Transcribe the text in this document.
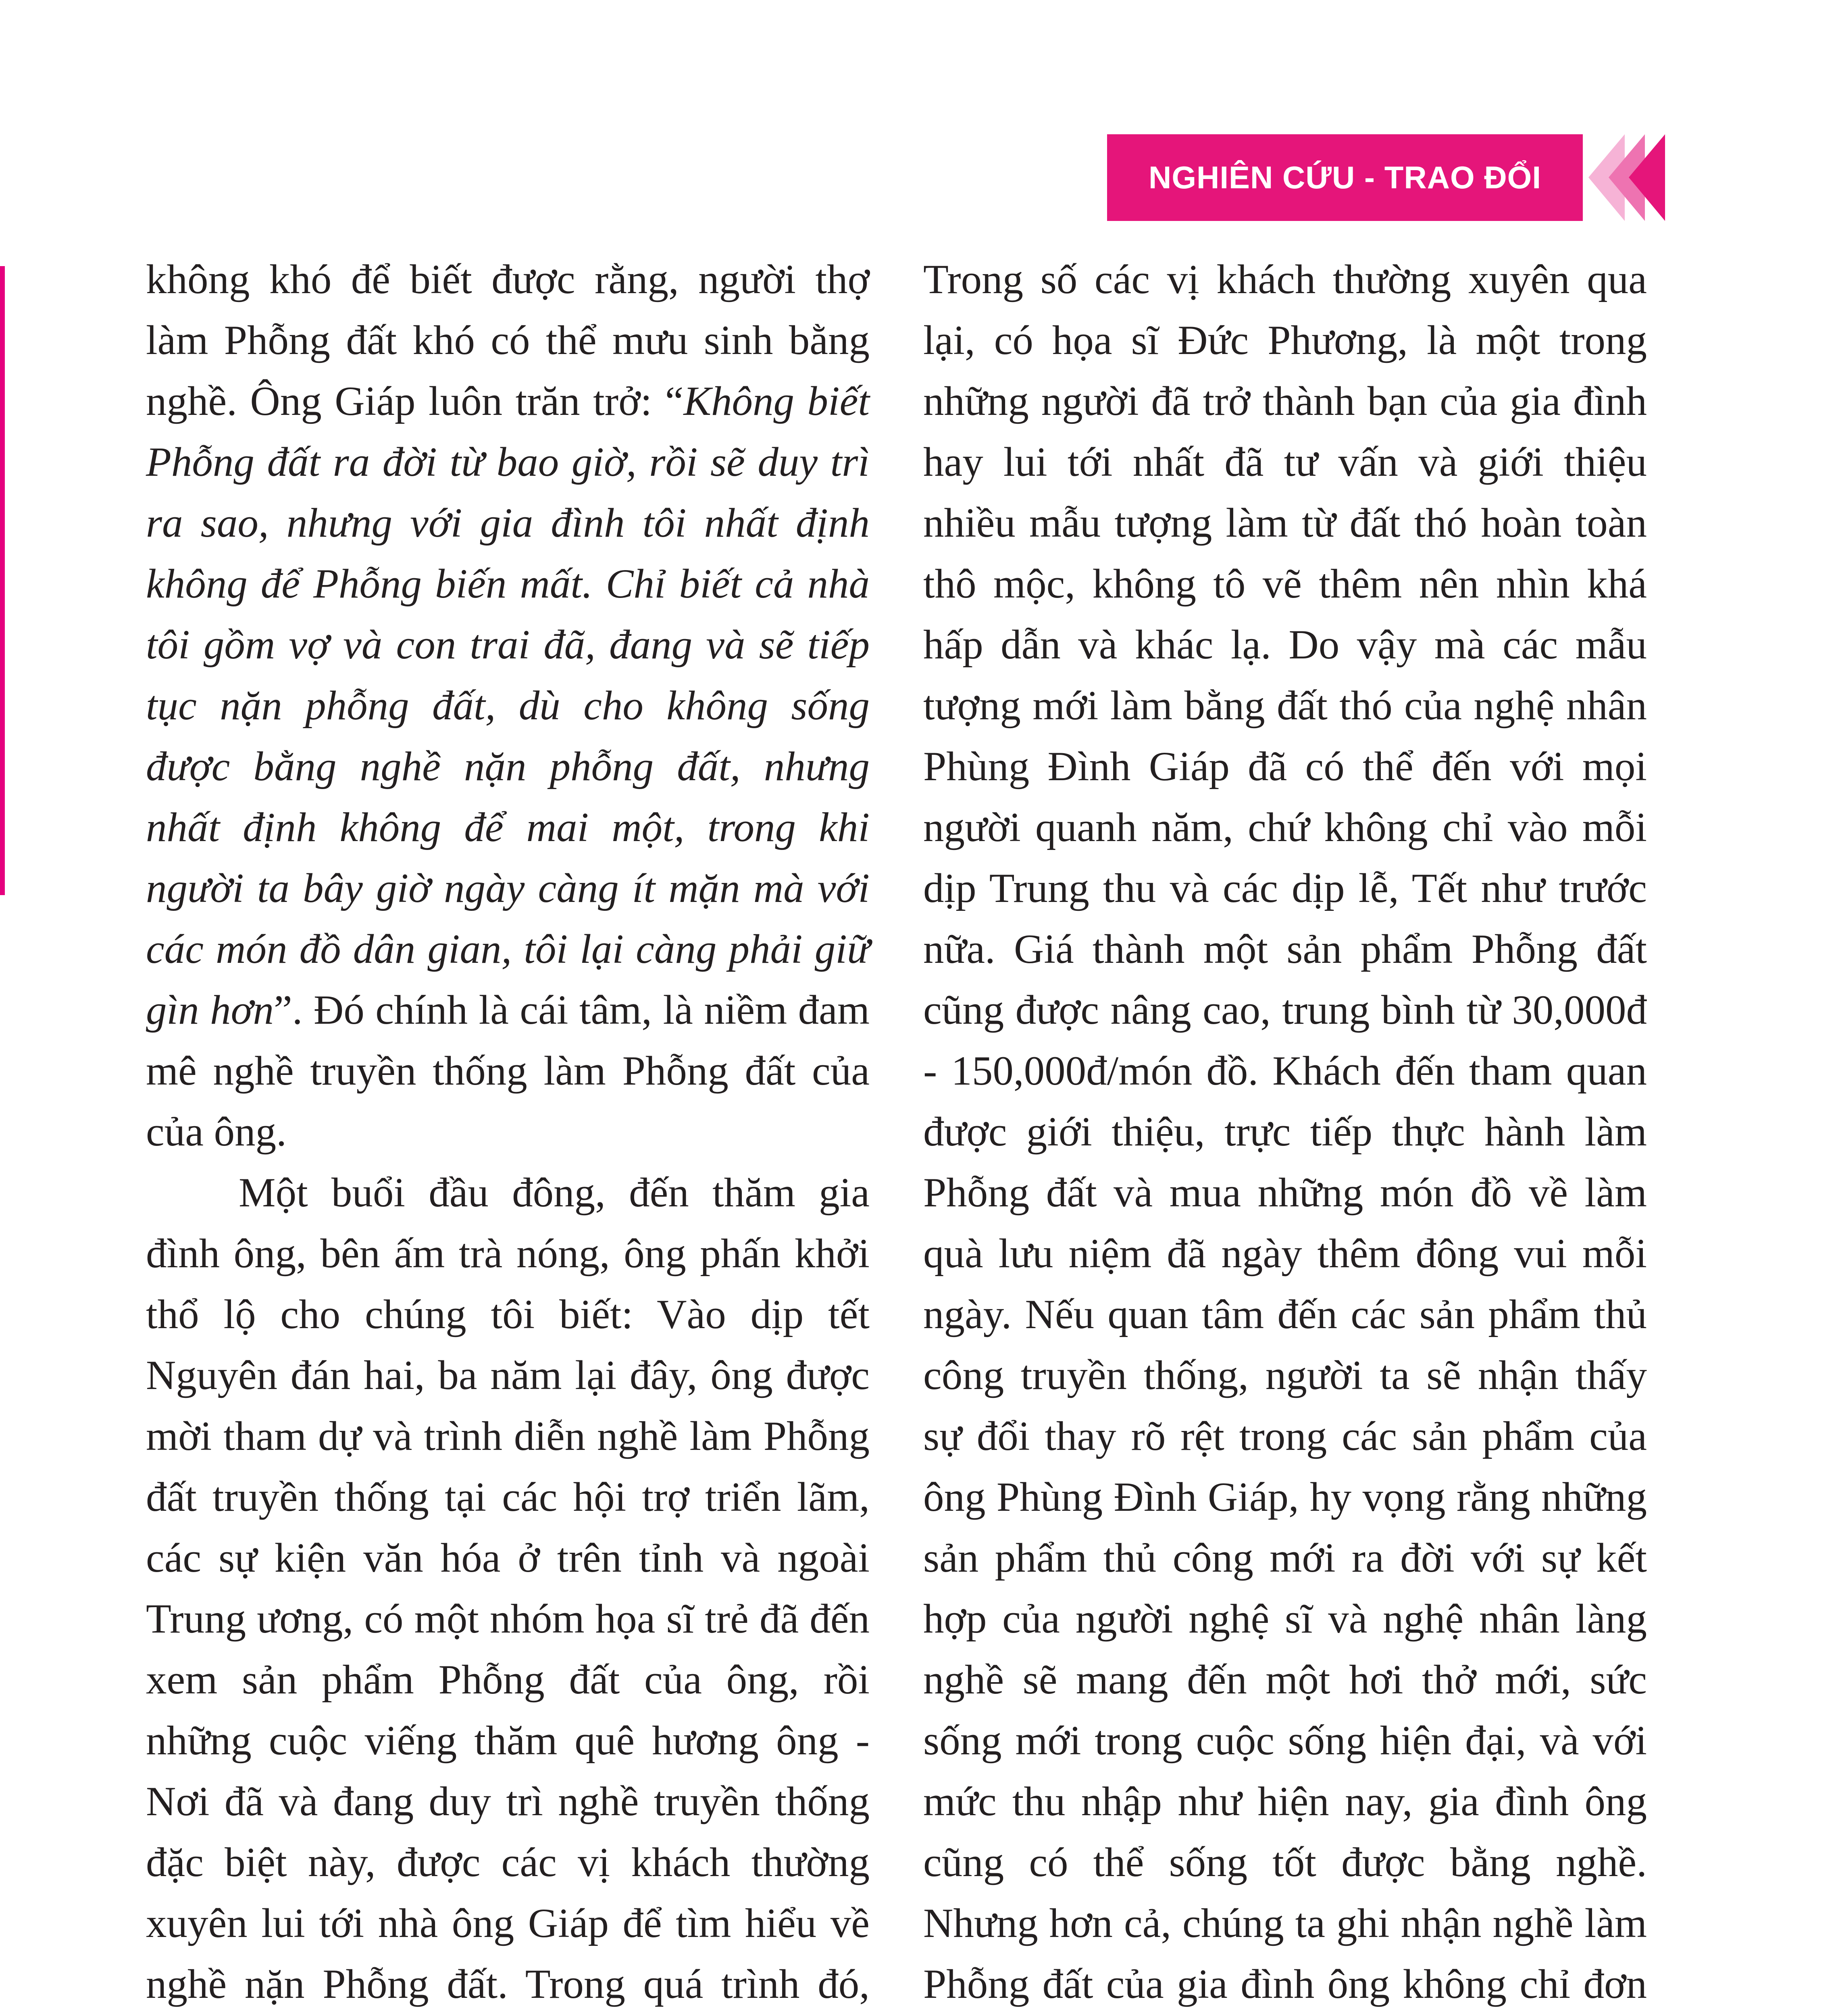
NGHIÊN CỨU - TRAO ĐỔI

không khó để biết được rằng, người thợ làm Phỗng đất khó có thể mưu sinh bằng nghề. Ông Giáp luôn trăn trở: “Không biết Phỗng đất ra đời từ bao giờ, rồi sẽ duy trì ra sao, nhưng với gia đình tôi nhất định không để Phỗng biến mất. Chỉ biết cả nhà tôi gồm vợ và con trai đã, đang và sẽ tiếp tục nặn phỗng đất, dù cho không sống được bằng nghề nặn phỗng đất, nhưng nhất định không để mai một, trong khi người ta bây giờ ngày càng ít mặn mà với các món đồ dân gian, tôi lại càng phải giữ gìn hơn”. Đó chính là cái tâm, là niềm đam mê nghề truyền thống làm Phỗng đất của của ông.

Một buổi đầu đông, đến thăm gia đình ông, bên ấm trà nóng, ông phấn khởi thổ lộ cho chúng tôi biết: Vào dịp tết Nguyên đán hai, ba năm lại đây, ông được mời tham dự và trình diễn nghề làm Phỗng đất truyền thống tại các hội trợ triển lãm, các sự kiện văn hóa ở trên tỉnh và ngoài Trung ương, có một nhóm họa sĩ trẻ đã đến xem sản phẩm Phỗng đất của ông, rồi những cuộc viếng thăm quê hương ông - Nơi đã và đang duy trì nghề truyền thống đặc biệt này, được các vị khách thường xuyên lui tới nhà ông Giáp để tìm hiểu về nghề nặn Phỗng đất. Trong quá trình đó,

Trong số các vị khách thường xuyên qua lại, có họa sĩ Đức Phương, là một trong những người đã trở thành bạn của gia đình hay lui tới nhất đã tư vấn và giới thiệu nhiều mẫu tượng làm từ đất thó hoàn toàn thô mộc, không tô vẽ thêm nên nhìn khá hấp dẫn và khác lạ. Do vậy mà các mẫu tượng mới làm bằng đất thó của nghệ nhân Phùng Đình Giáp đã có thể đến với mọi người quanh năm, chứ không chỉ vào mỗi dịp Trung thu và các dịp lễ, Tết như trước nữa. Giá thành một sản phẩm Phỗng đất cũng được nâng cao, trung bình từ 30,000đ - 150,000đ/món đồ. Khách đến tham quan được giới thiệu, trực tiếp thực hành làm Phỗng đất và mua những món đồ về làm quà lưu niệm đã ngày thêm đông vui mỗi ngày. Nếu quan tâm đến các sản phẩm thủ công truyền thống, người ta sẽ nhận thấy sự đổi thay rõ rệt trong các sản phẩm của ông Phùng Đình Giáp, hy vọng rằng những sản phẩm thủ công mới ra đời với sự kết hợp của người nghệ sĩ và nghệ nhân làng nghề sẽ mang đến một hơi thở mới, sức sống mới trong cuộc sống hiện đại, và với mức thu nhập như hiện nay, gia đình ông cũng có thể sống tốt được bằng nghề. Nhưng hơn cả, chúng ta ghi nhận nghề làm Phỗng đất của gia đình ông không chỉ đơn
